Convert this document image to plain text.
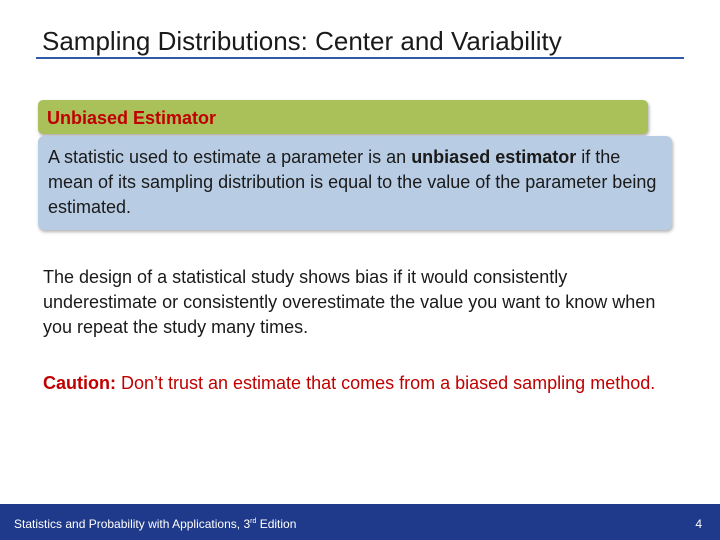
Sampling Distributions: Center and Variability
Unbiased Estimator
A statistic used to estimate a parameter is an unbiased estimator if the mean of its sampling distribution is equal to the value of the parameter being estimated.
The design of a statistical study shows bias if it would consistently underestimate or consistently overestimate the value you want to know when you repeat the study many times.
Caution: Don’t trust an estimate that comes from a biased sampling method.
Statistics and Probability with Applications, 3rd Edition	4
